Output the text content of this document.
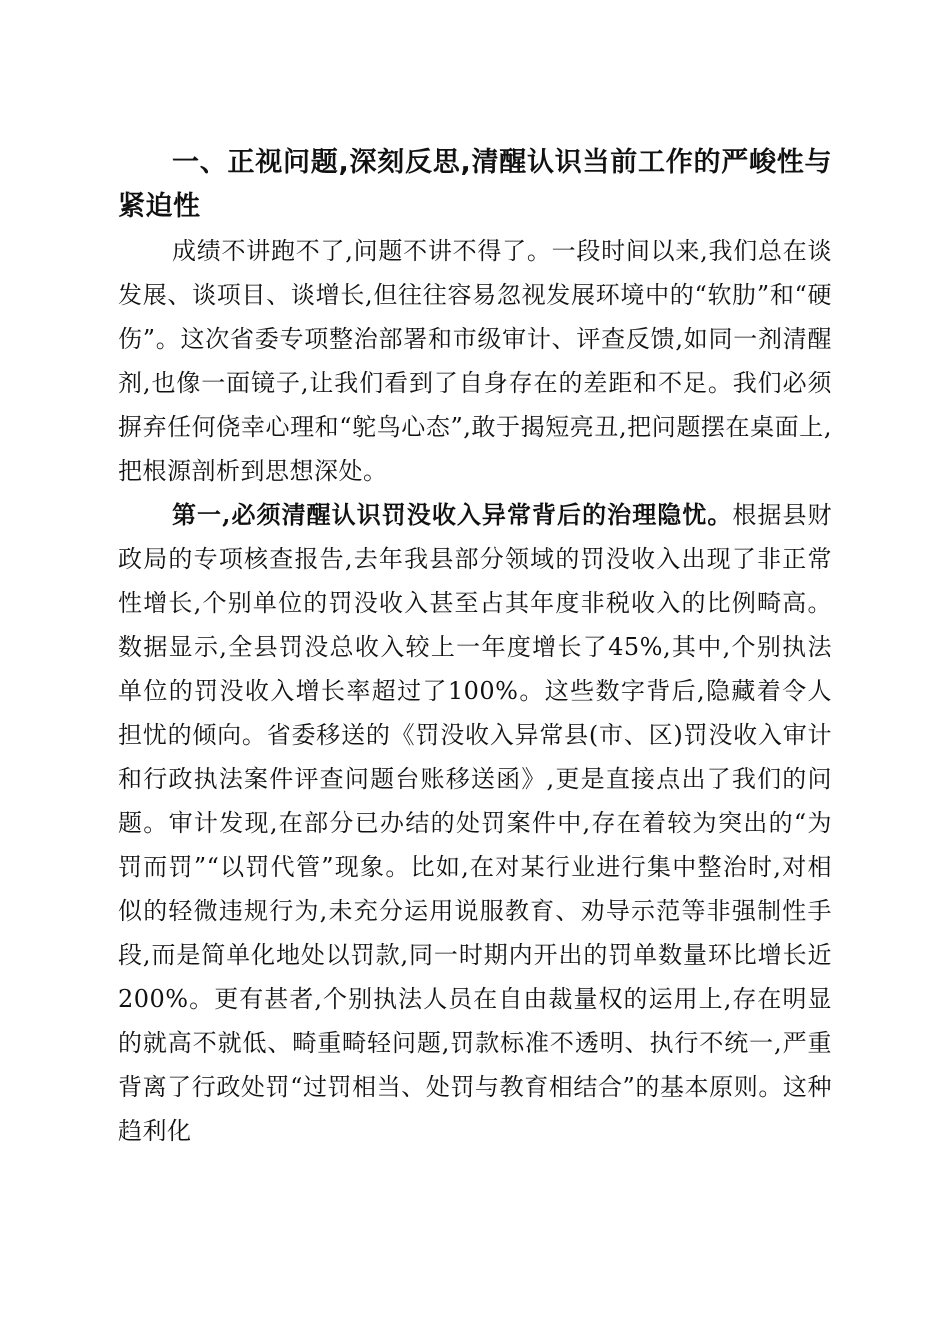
一、正视问题,深刻反思,清醒认识当前工作的严峻性与紧迫性

成绩不讲跑不了,问题不讲不得了。一段时间以来,我们总在谈发展、谈项目、谈增长,但往往容易忽视发展环境中的“软肋”和“硬伤”。这次省委专项整治部署和市级审计、评查反馈,如同一剂清醒剂,也像一面镜子,让我们看到了自身存在的差距和不足。我们必须摒弃任何侥幸心理和“鸵鸟心态”,敢于揭短亮丑,把问题摆在桌面上,把根源剖析到思想深处。

第一,必须清醒认识罚没收入异常背后的治理隐忧。根据县财政局的专项核查报告,去年我县部分领域的罚没收入出现了非正常性增长,个别单位的罚没收入甚至占其年度非税收入的比例畸高。数据显示,全县罚没总收入较上一年度增长了45%,其中,个别执法单位的罚没收入增长率超过了100%。这些数字背后,隐藏着令人担忧的倾向。省委移送的《罚没收入异常县(市、区)罚没收入审计和行政执法案件评查问题台账移送函》,更是直接点出了我们的问题。审计发现,在部分已办结的处罚案件中,存在着较为突出的“为罚而罚”“以罚代管”现象。比如,在对某行业进行集中整治时,对相似的轻微违规行为,未充分运用说服教育、劝导示范等非强制性手段,而是简单化地处以罚款,同一时期内开出的罚单数量环比增长近200%。更有甚者,个别执法人员在自由裁量权的运用上,存在明显的就高不就低、畸重畸轻问题,罚款标准不透明、执行不统一,严重背离了行政处罚“过罚相当、处罚与教育相结合”的基本原则。这种趋利化
